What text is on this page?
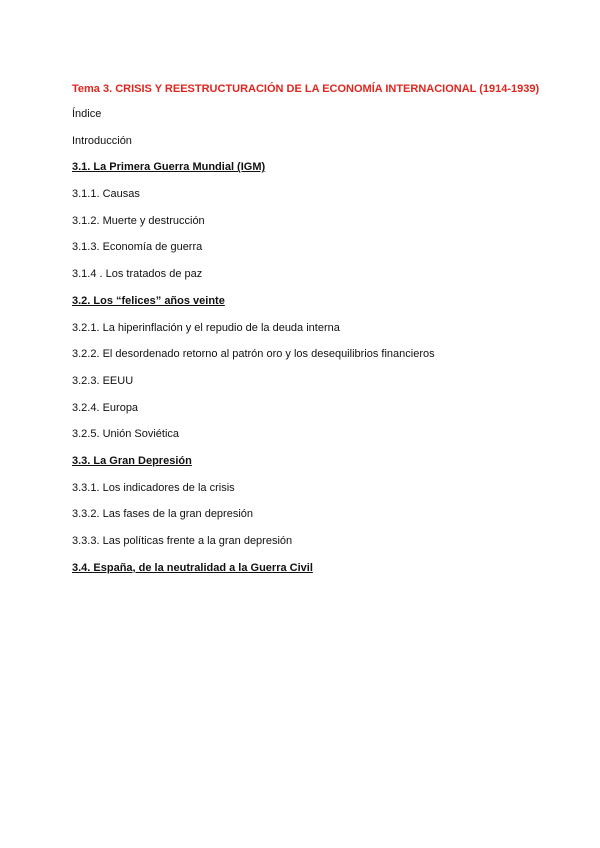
Tema 3. CRISIS Y REESTRUCTURACIÓN DE LA ECONOMÍA INTERNACIONAL (1914-1939)

Índice

Introducción

3.1. La Primera Guerra Mundial (IGM)

3.1.1. Causas

3.1.2. Muerte y destrucción

3.1.3. Economía de guerra

3.1.4 . Los tratados de paz

3.2. Los “felices” años veinte

3.2.1. La hiperinflación y el repudio de la deuda interna

3.2.2. El desordenado retorno al patrón oro y los desequilibrios financieros

3.2.3. EEUU

3.2.4. Europa

3.2.5. Unión Soviética

3.3. La Gran Depresión

3.3.1. Los indicadores de la crisis

3.3.2. Las fases de la gran depresión

3.3.3. Las políticas frente a la gran depresión

3.4. España, de la neutralidad a la Guerra Civil
